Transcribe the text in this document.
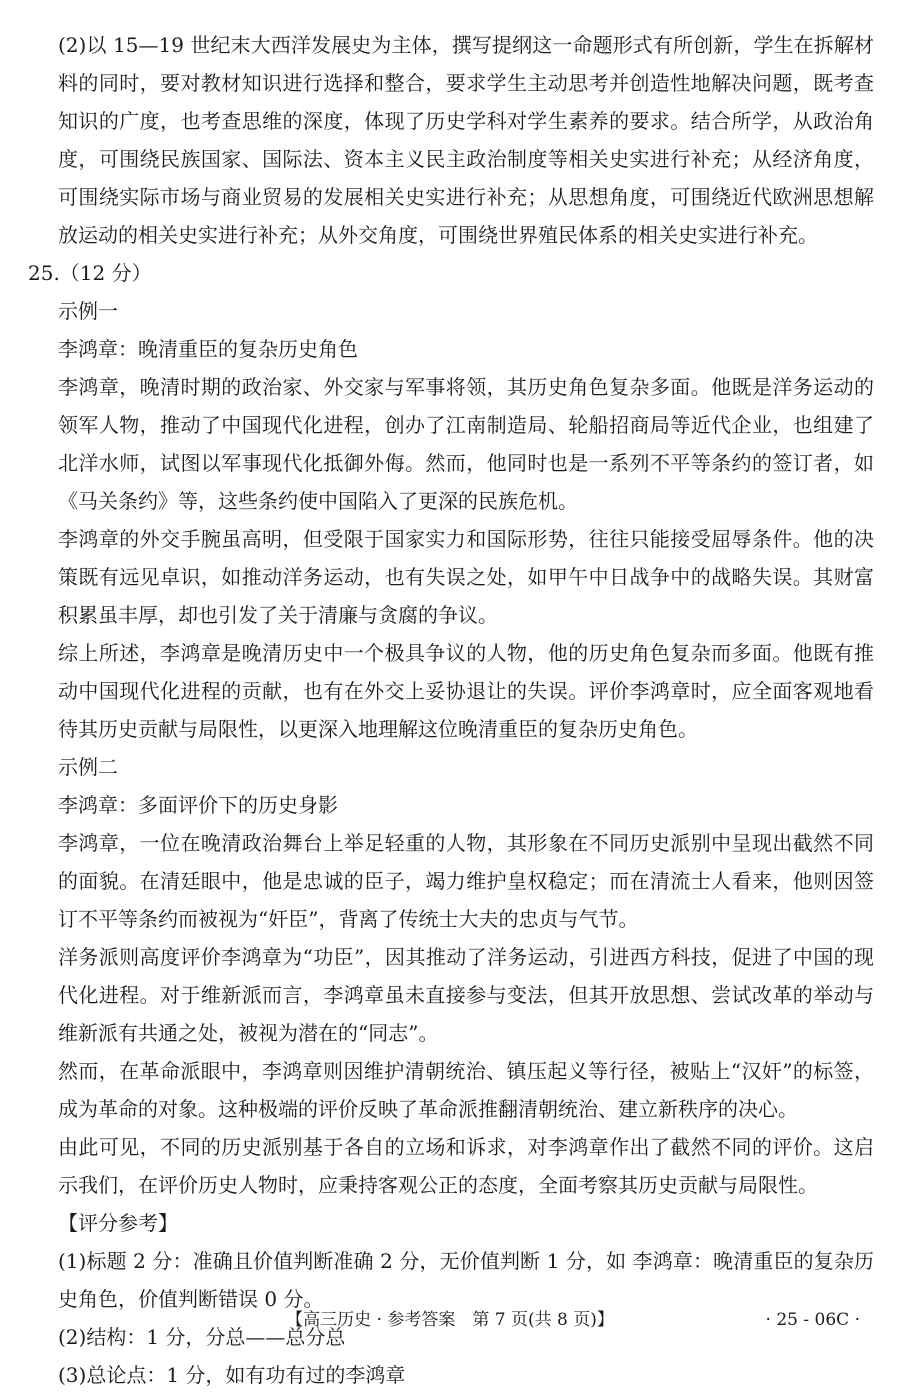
(2)以 15—19 世纪末大西洋发展史为主体，撰写提纲这一命题形式有所创新，学生在拆解材料的同时，要对教材知识进行选择和整合，要求学生主动思考并创造性地解决问题，既考查知识的广度，也考查思维的深度，体现了历史学科对学生素养的要求。结合所学，从政治角度，可围绕民族国家、国际法、资本主义民主政治制度等相关史实进行补充；从经济角度，可围绕实际市场与商业贸易的发展相关史实进行补充；从思想角度，可围绕近代欧洲思想解放运动的相关史实进行补充；从外交角度，可围绕世界殖民体系的相关史实进行补充。

25.（12 分）

示例一

李鸿章：晚清重臣的复杂历史角色

李鸿章，晚清时期的政治家、外交家与军事将领，其历史角色复杂多面。他既是洋务运动的领军人物，推动了中国现代化进程，创办了江南制造局、轮船招商局等近代企业，也组建了北洋水师，试图以军事现代化抵御外侮。然而，他同时也是一系列不平等条约的签订者，如《马关条约》等，这些条约使中国陷入了更深的民族危机。

李鸿章的外交手腕虽高明，但受限于国家实力和国际形势，往往只能接受屈辱条件。他的决策既有远见卓识，如推动洋务运动，也有失误之处，如甲午中日战争中的战略失误。其财富积累虽丰厚，却也引发了关于清廉与贪腐的争议。

综上所述，李鸿章是晚清历史中一个极具争议的人物，他的历史角色复杂而多面。他既有推动中国现代化进程的贡献，也有在外交上妥协退让的失误。评价李鸿章时，应全面客观地看待其历史贡献与局限性，以更深入地理解这位晚清重臣的复杂历史角色。

示例二

李鸿章：多面评价下的历史身影

李鸿章，一位在晚清政治舞台上举足轻重的人物，其形象在不同历史派别中呈现出截然不同的面貌。在清廷眼中，他是忠诚的臣子，竭力维护皇权稳定；而在清流士人看来，他则因签订不平等条约而被视为“奸臣”，背离了传统士大夫的忠贞与气节。

洋务派则高度评价李鸿章为“功臣”，因其推动了洋务运动，引进西方科技，促进了中国的现代化进程。对于维新派而言，李鸿章虽未直接参与变法，但其开放思想、尝试改革的举动与维新派有共通之处，被视为潜在的“同志”。

然而，在革命派眼中，李鸿章则因维护清朝统治、镇压起义等行径，被贴上“汉奸”的标签，成为革命的对象。这种极端的评价反映了革命派推翻清朝统治、建立新秩序的决心。

由此可见，不同的历史派别基于各自的立场和诉求，对李鸿章作出了截然不同的评价。这启示我们，在评价历史人物时，应秉持客观公正的态度，全面考察其历史贡献与局限性。

【评分参考】

(1)标题 2 分：准确且价值判断准确 2 分，无价值判断 1 分，如 李鸿章：晚清重臣的复杂历史角色，价值判断错误 0 分。

(2)结构：1 分，分总——总分总

(3)总论点：1 分，如有功有过的李鸿章

【高三历史 · 参考答案　第 7 页(共 8 页)】	· 25 - 06C ·
